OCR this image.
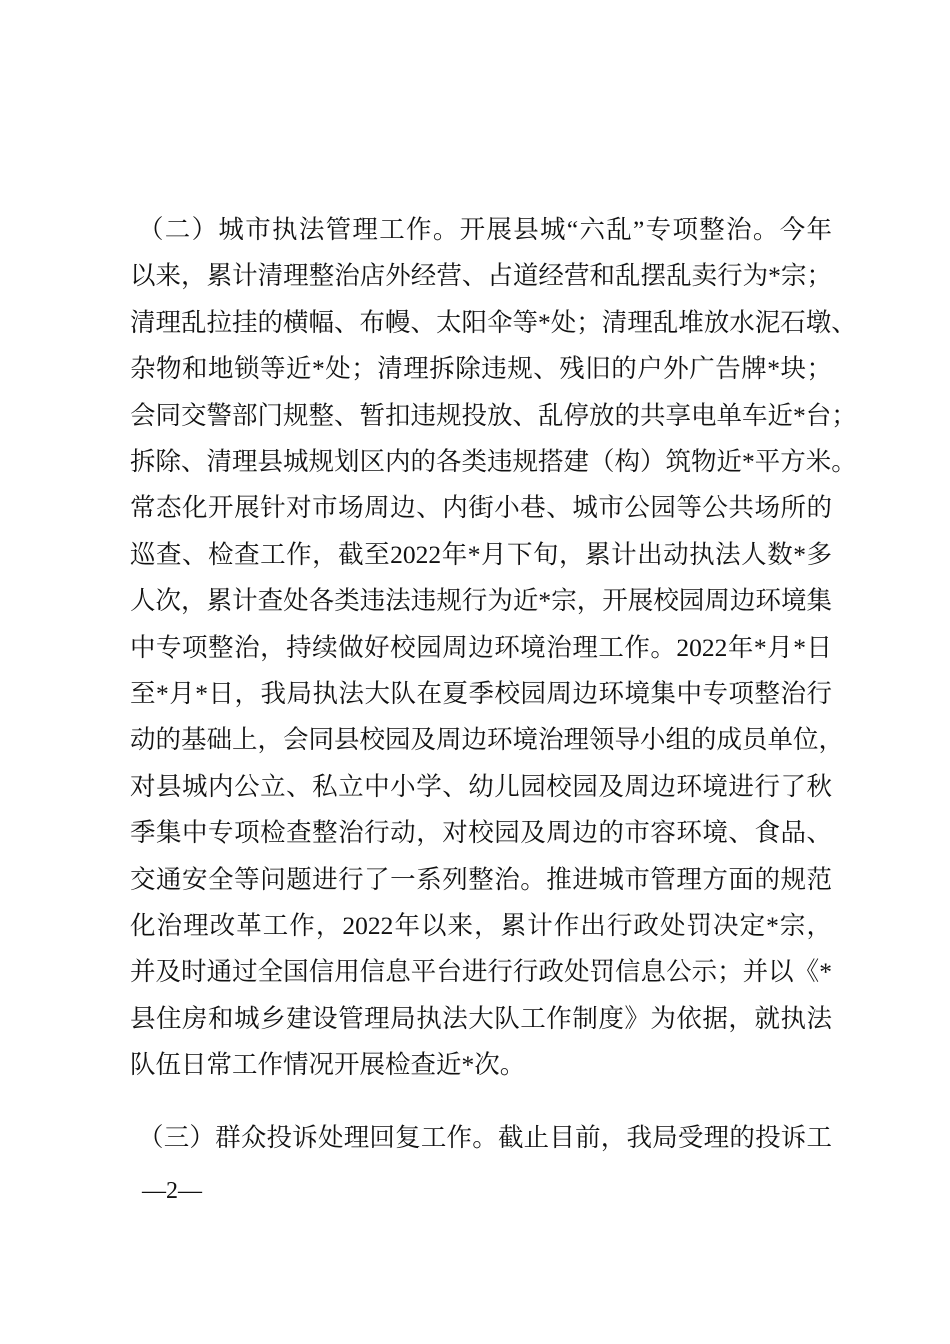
（二）城市执法管理工作。开展县城“六乱”专项整治。今年
以来，累计清理整治店外经营、占道经营和乱摆乱卖行为*宗；
清理乱拉挂的横幅、布幔、太阳伞等*处；清理乱堆放水泥石墩、
杂物和地锁等近*处；清理拆除违规、残旧的户外广告牌*块；
会同交警部门规整、暂扣违规投放、乱停放的共享电单车近*台；
拆除、清理县城规划区内的各类违规搭建（构）筑物近*平方米。
常态化开展针对市场周边、内街小巷、城市公园等公共场所的
巡查、检查工作，截至2022年*月下旬，累计出动执法人数*多
人次，累计查处各类违法违规行为近*宗，开展校园周边环境集
中专项整治，持续做好校园周边环境治理工作。2022年*月*日
至*月*日，我局执法大队在夏季校园周边环境集中专项整治行
动的基础上，会同县校园及周边环境治理领导小组的成员单位，
对县城内公立、私立中小学、幼儿园校园及周边环境进行了秋
季集中专项检查整治行动，对校园及周边的市容环境、食品、
交通安全等问题进行了一系列整治。推进城市管理方面的规范
化治理改革工作，2022年以来，累计作出行政处罚决定*宗，
并及时通过全国信用信息平台进行行政处罚信息公示；并以《*
县住房和城乡建设管理局执法大队工作制度》为依据，就执法
队伍日常工作情况开展检查近*次。
（三）群众投诉处理回复工作。截止目前，我局受理的投诉工
—2—
